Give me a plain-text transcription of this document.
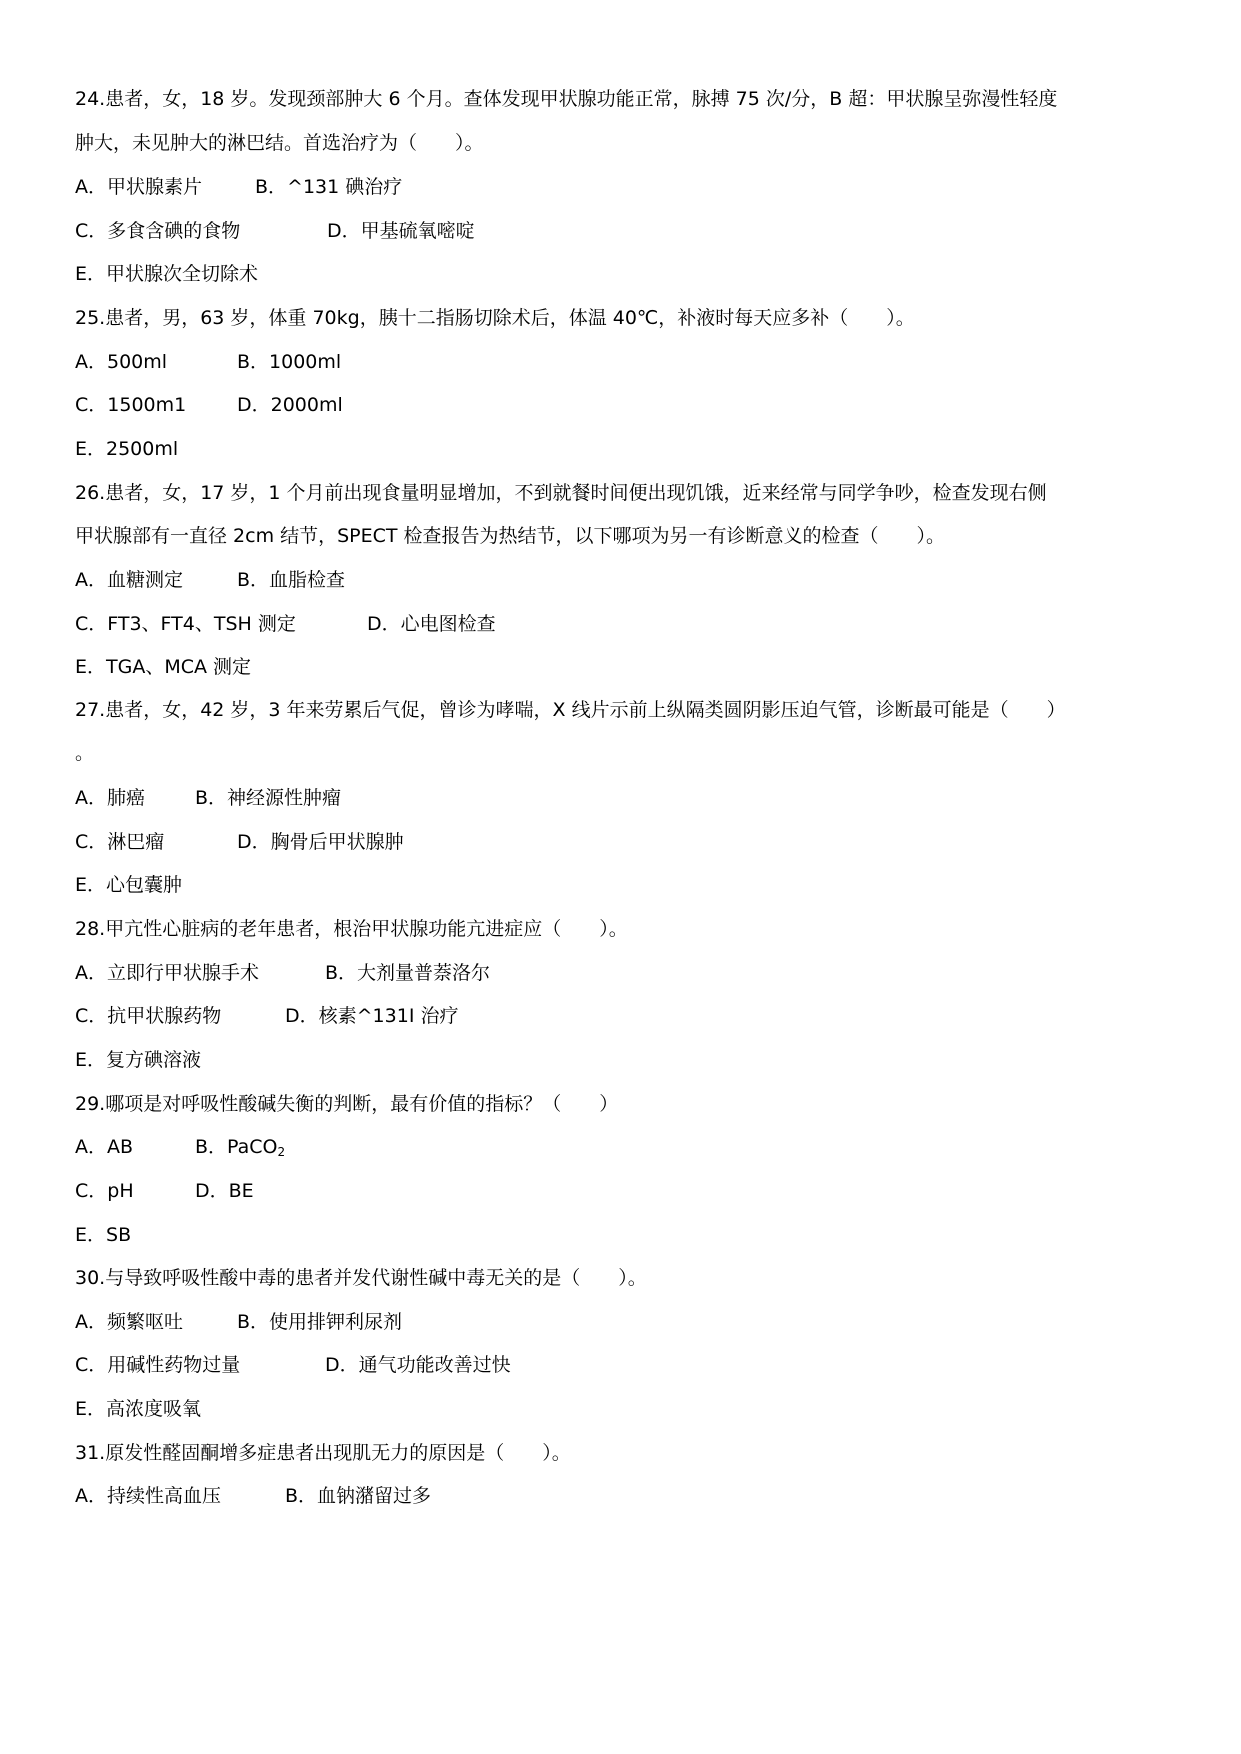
24.患者，女，18 岁。发现颈部肿大 6 个月。查体发现甲状腺功能正常，脉搏 75 次/分，B 超：甲状腺呈弥漫性轻度
肿大，未见肿大的淋巴结。首选治疗为（　　）。
A．甲状腺素片	B．^131 碘治疗
C．多食含碘的食物	D．甲基硫氧嘧啶
E．甲状腺次全切除术
25.患者，男，63 岁，体重 70kg，胰十二指肠切除术后，体温 40℃，补液时每天应多补（　　）。
A．500ml	B．1000ml
C．1500m1	D．2000ml
E．2500ml
26.患者，女，17 岁，1 个月前出现食量明显增加，不到就餐时间便出现饥饿，近来经常与同学争吵，检查发现右侧
甲状腺部有一直径 2cm 结节，SPECT 检查报告为热结节，以下哪项为另一有诊断意义的检查（　　）。
A．血糖测定	B．血脂检查
C．FT3、FT4、TSH 测定	D．心电图检查
E．TGA、MCA 测定
27.患者，女，42 岁，3 年来劳累后气促，曾诊为哮喘，X 线片示前上纵隔类圆阴影压迫气管，诊断最可能是（　　）
。
A．肺癌	B．神经源性肿瘤
C．淋巴瘤	D．胸骨后甲状腺肿
E．心包囊肿
28.甲亢性心脏病的老年患者，根治甲状腺功能亢进症应（　　）。
A．立即行甲状腺手术	B．大剂量普萘洛尔
C．抗甲状腺药物	D．核素^131I 治疗
E．复方碘溶液
29.哪项是对呼吸性酸碱失衡的判断，最有价值的指标？（　　）
A．AB	B．PaCO$_2$
C．pH	D．BE
E．SB
30.与导致呼吸性酸中毒的患者并发代谢性碱中毒无关的是（　　）。
A．频繁呕吐	B．使用排钾利尿剂
C．用碱性药物过量	D．通气功能改善过快
E．高浓度吸氧
31.原发性醛固酮增多症患者出现肌无力的原因是（　　）。
A．持续性高血压	B．血钠潴留过多
